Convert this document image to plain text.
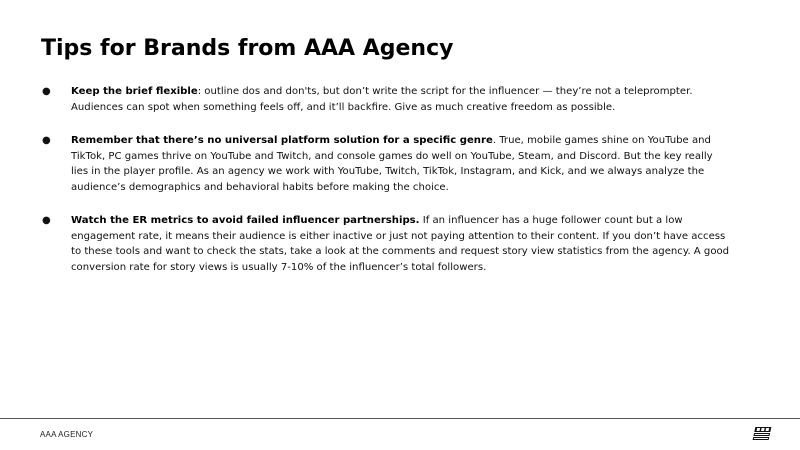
Tips for Brands from AAA Agency
● Keep the brief flexible: outline dos and don'ts, but don’t write the script for the influencer — they’re not a teleprompter. Audiences can spot when something feels off, and it’ll backfire. Give as much creative freedom as possible.
● Remember that there’s no universal platform solution for a specific genre. True, mobile games shine on YouTube and TikTok, PC games thrive on YouTube and Twitch, and console games do well on YouTube, Steam, and Discord. But the key really lies in the player profile. As an agency we work with YouTube, Twitch, TikTok, Instagram, and Kick, and we always analyze the audience’s demographics and behavioral habits before making the choice.
● Watch the ER metrics to avoid failed influencer partnerships. If an influencer has a huge follower count but a low engagement rate, it means their audience is either inactive or just not paying attention to their content. If you don’t have access to these tools and want to check the stats, take a look at the comments and request story view statistics from the agency. A good conversion rate for story views is usually 7-10% of the influencer’s total followers.
AAA AGENCY
